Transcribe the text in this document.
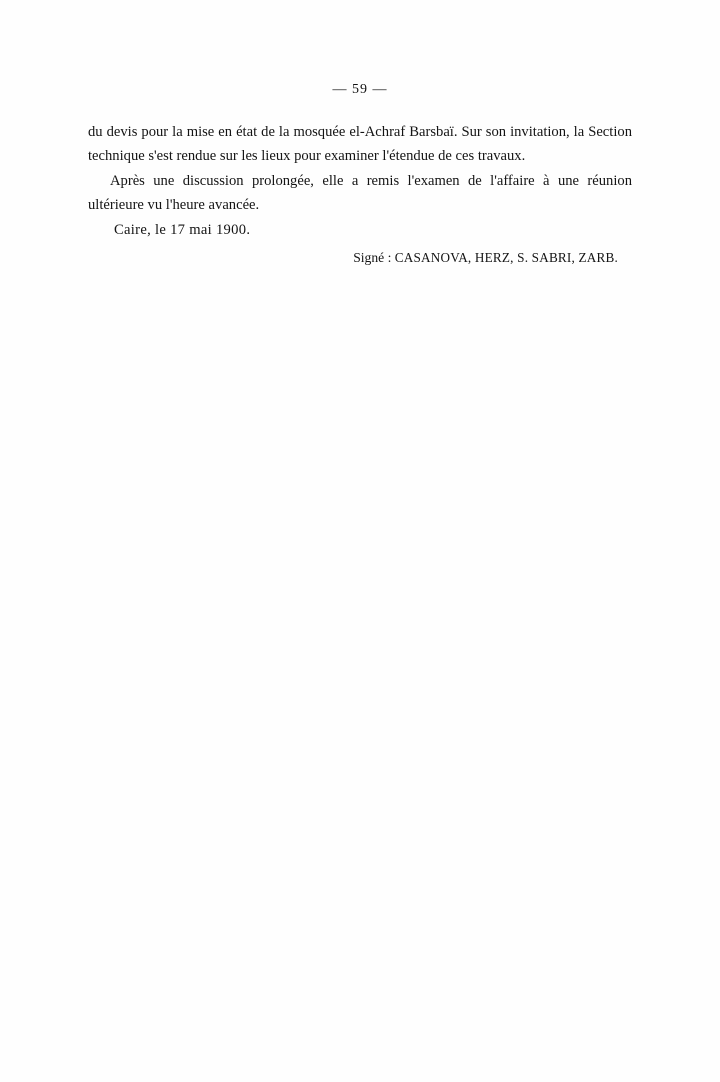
— 59 —

du devis pour la mise en état de la mosquée el-Achraf Barsbaï. Sur son invitation, la Section technique s'est rendue sur les lieux pour examiner l'étendue de ces travaux.

Après une discussion prolongée, elle a remis l'examen de l'affaire à une réunion ultérieure vu l'heure avancée.

Caire, le 17 mai 1900.

Signé : CASANOVA, HERZ, S. SABRI, ZARB.
